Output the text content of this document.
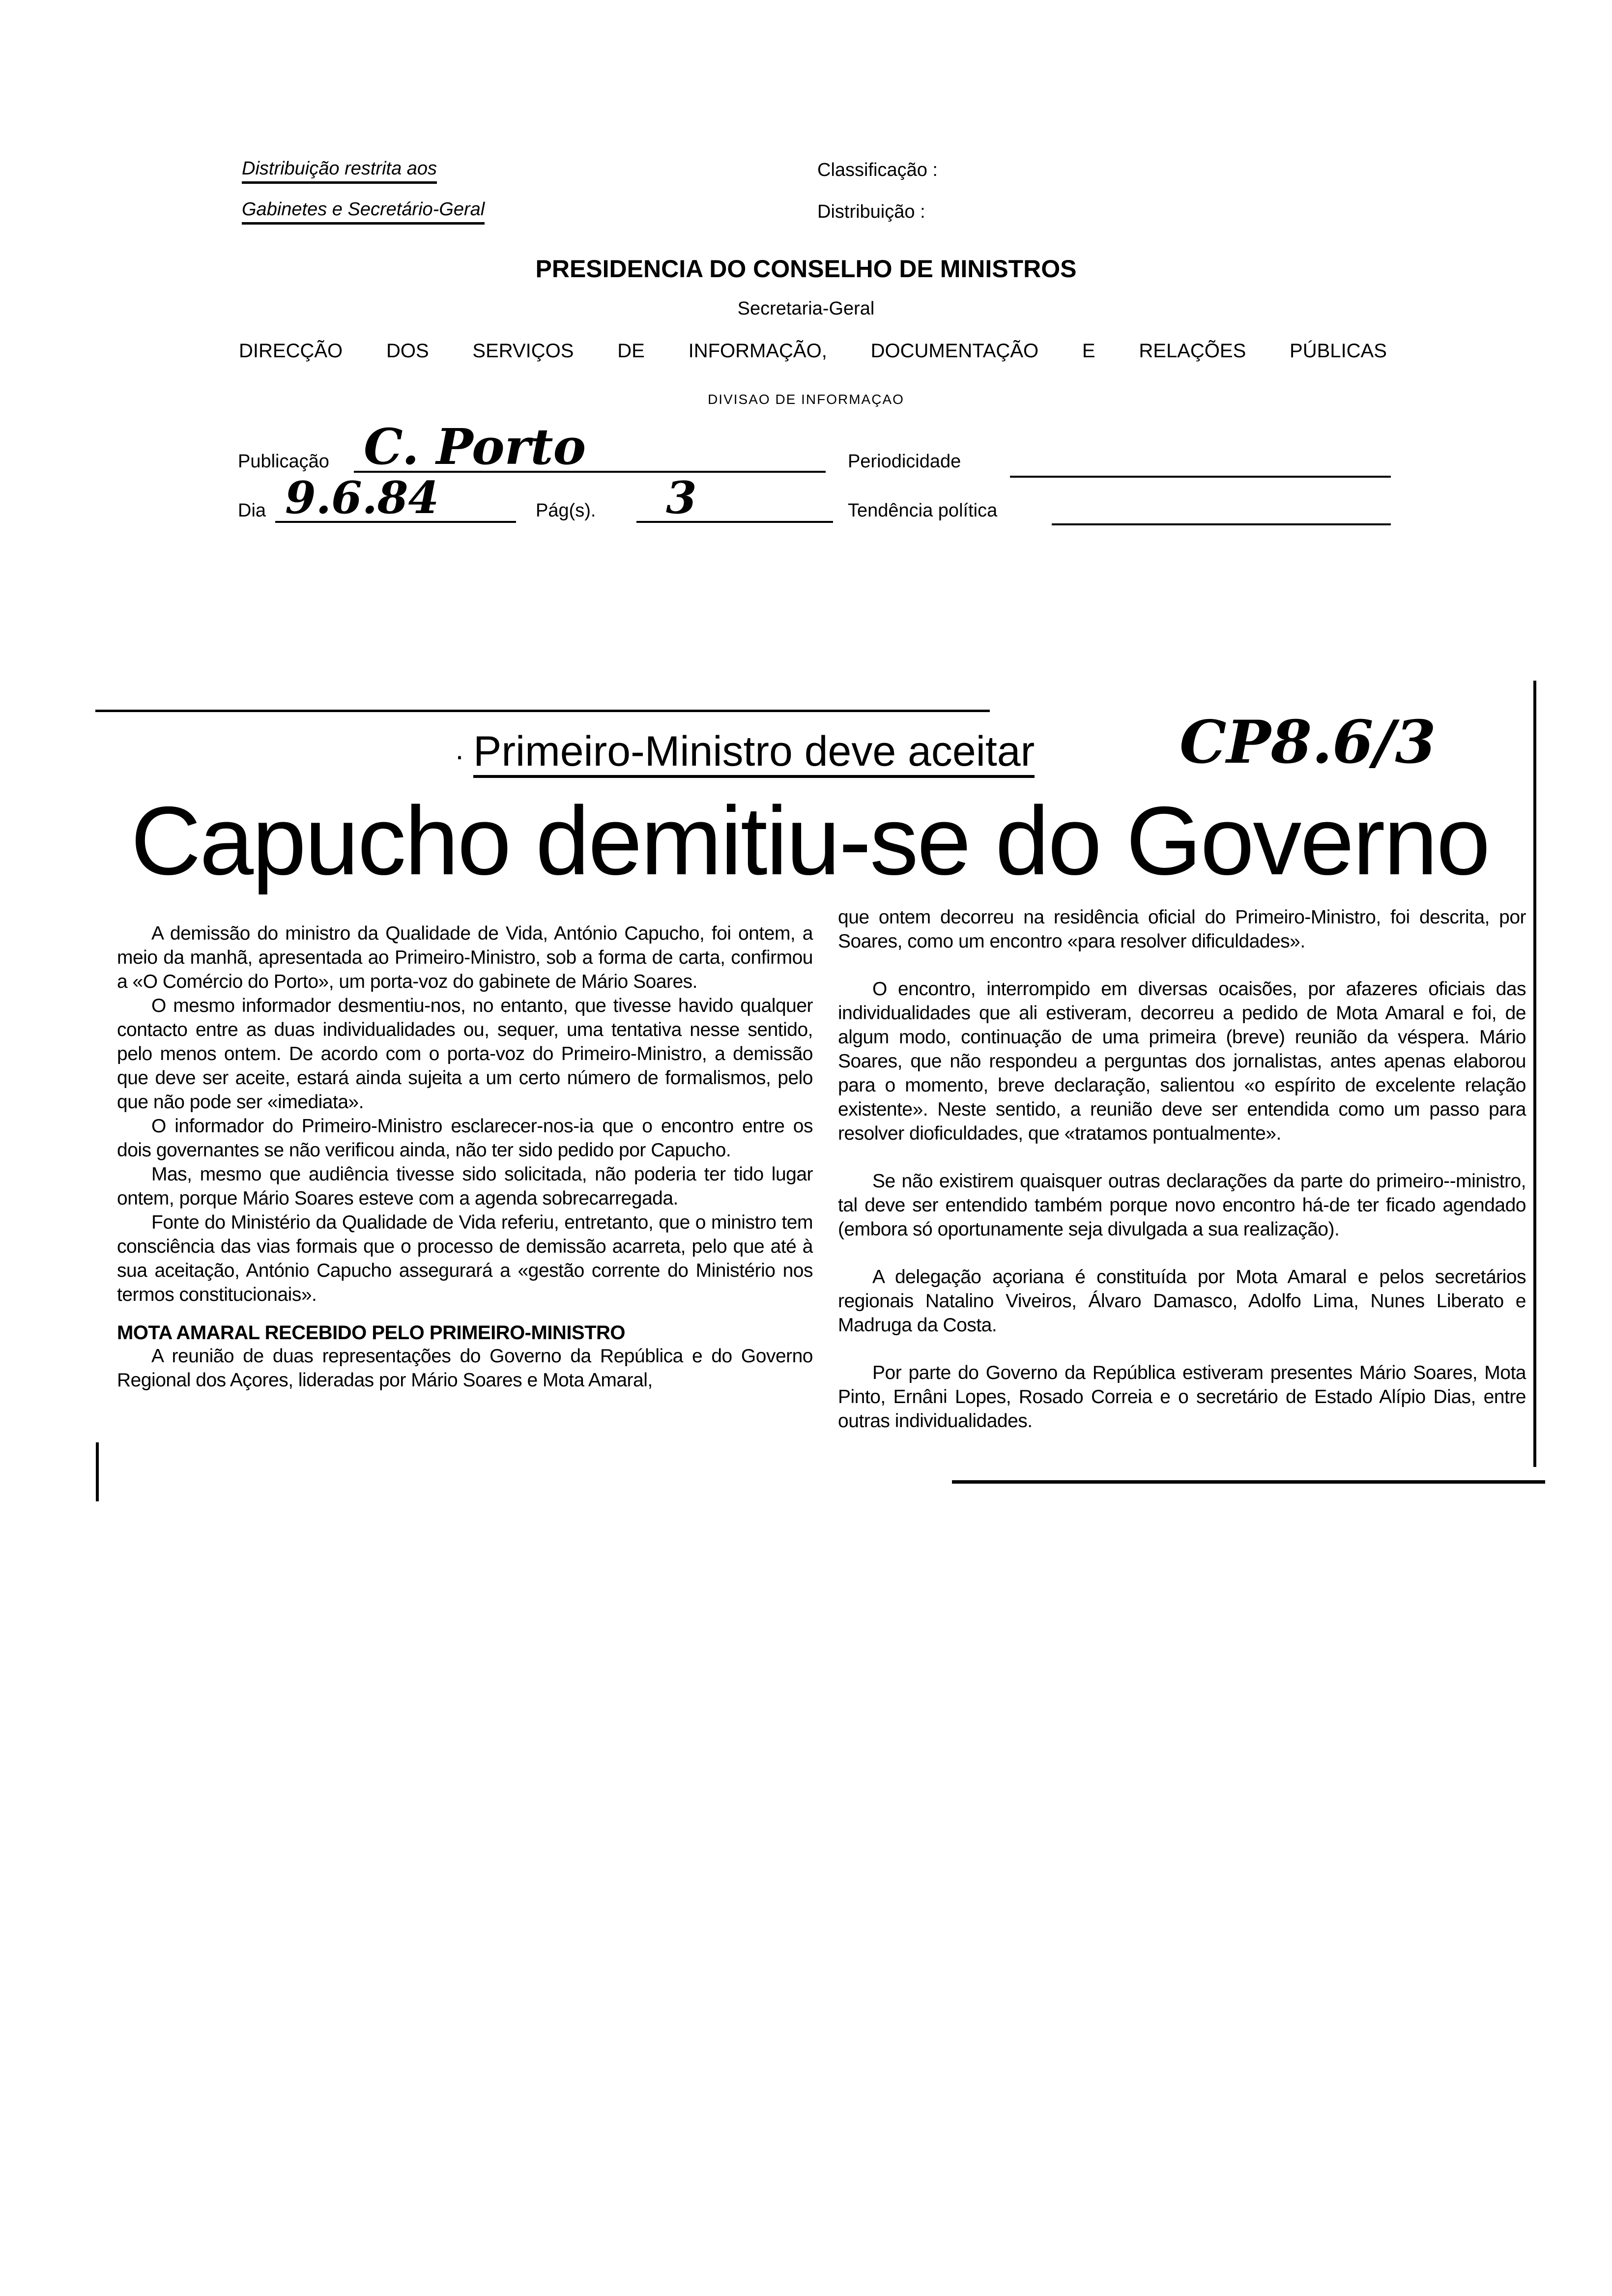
Distribuição restrita aos
Gabinetes e Secretário-Geral
Classificação :
Distribuição :
PRESIDENCIA DO CONSELHO DE MINISTROS
Secretaria-Geral
DIRECÇÃO DOS SERVIÇOS DE INFORMAÇÃO, DOCUMENTAÇÃO E RELAÇÕES PÚBLICAS
DIVISAO DE INFORMAÇAO
Publicação C. Porto	Periodicidade
Dia 9.6.84	Pág(s). 3	Tendência política
· Primeiro-Ministro deve aceitar CP8.6/3
Capucho demitiu-se do Governo

A demissão do ministro da Qualidade de Vida, António Capucho, foi ontem, a meio da manhã, apresentada ao Primeiro-Ministro, sob a forma de carta, confirmou a «O Comércio do Porto», um porta-voz do gabinete de Mário Soares.

O mesmo informador desmentiu-nos, no entanto, que tivesse havido qualquer contacto entre as duas individualidades ou, sequer, uma tentativa nesse sentido, pelo menos ontem. De acordo com o porta-voz do Primeiro-Ministro, a demissão que deve ser aceite, estará ainda sujeita a um certo número de formalismos, pelo que não pode ser «imediata».

O informador do Primeiro-Ministro esclarecer-nos-ia que o encontro entre os dois governantes se não verificou ainda, não ter sido pedido por Capucho.

Mas, mesmo que audiência tivesse sido solicitada, não poderia ter tido lugar ontem, porque Mário Soares esteve com a agenda sobrecarregada.

Fonte do Ministério da Qualidade de Vida referiu, entretanto, que o ministro tem consciência das vias formais que o processo de demissão acarreta, pelo que até à sua aceitação, António Capucho assegurará a «gestão corrente do Ministério nos termos constitucionais».

MOTA AMARAL RECEBIDO PELO PRIMEIRO-MINISTRO

A reunião de duas representações do Governo da República e do Governo Regional dos Açores, lideradas por Mário Soares e Mota Amaral,

que ontem decorreu na residência oficial do Primeiro-Ministro, foi descrita, por Soares, como um encontro «para resolver dificuldades».

O encontro, interrompido em diversas ocaisões, por afazeres oficiais das individualidades que ali estiveram, decorreu a pedido de Mota Amaral e foi, de algum modo, continuação de uma primeira (breve) reunião da véspera. Mário Soares, que não respondeu a perguntas dos jornalistas, antes apenas elaborou para o momento, breve declaração, salientou «o espírito de excelente relação existente». Neste sentido, a reunião deve ser entendida como um passo para resolver dioficuldades, que «tratamos pontualmente».

Se não existirem quaisquer outras declarações da parte do primeiro--ministro, tal deve ser entendido também porque novo encontro há-de ter ficado agendado (embora só oportunamente seja divulgada a sua realização).

A delegação açoriana é constituída por Mota Amaral e pelos secretários regionais Natalino Viveiros, Álvaro Damasco, Adolfo Lima, Nunes Liberato e Madruga da Costa.

Por parte do Governo da República estiveram presentes Mário Soares, Mota Pinto, Ernâni Lopes, Rosado Correia e o secretário de Estado Alípio Dias, entre outras individualidades.
